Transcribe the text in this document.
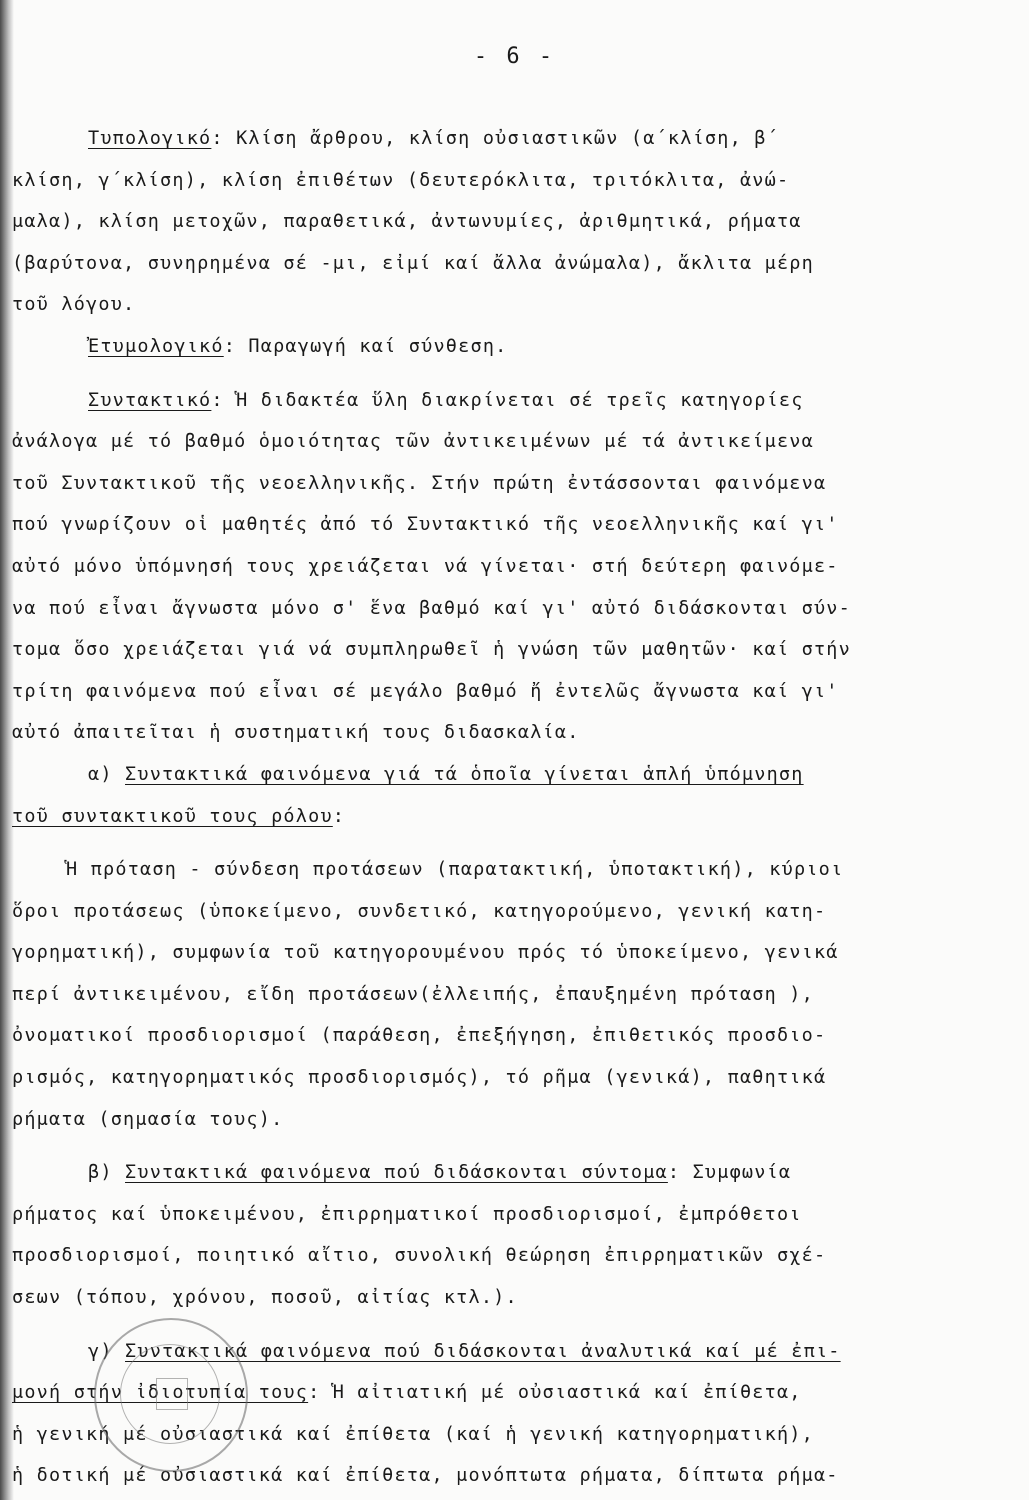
- 6 -
Τυπολογικό: Κλίση ἄρθρου, κλίση οὐσιαστικῶν (α΄κλίση, β΄
κλίση, γ΄κλίση), κλίση ἐπιθέτων (δευτερόκλιτα, τριτόκλιτα, ἀνώ-
μαλα), κλίση μετοχῶν, παραθετικά, ἀντωνυμίες, ἀριθμητικά, ρήματα
(βαρύτονα, συνηρημένα σέ -μι, εἰμί καί ἄλλα ἀνώμαλα), ἄκλιτα μέρη
τοῦ λόγου.
Ἐτυμολογικό: Παραγωγή καί σύνθεση.
Συντακτικό: Ἡ διδακτέα ὕλη διακρίνεται σέ τρεῖς κατηγορίες
ἀνάλογα μέ τό βαθμό ὁμοιότητας τῶν ἀντικειμένων μέ τά ἀντικείμενα
τοῦ Συντακτικοῦ τῆς νεοελληνικῆς. Στήν πρώτη ἐντάσσονται φαινόμενα
πού γνωρίζουν οἱ μαθητές ἀπό τό Συντακτικό τῆς νεοελληνικῆς καί γι'
αὐτό μόνο ὑπόμνησή τους χρειάζεται νά γίνεται· στή δεύτερη φαινόμε-
να πού εἶναι ἄγνωστα μόνο σ' ἕνα βαθμό καί γι' αὐτό διδάσκονται σύν-
τομα ὅσο χρειάζεται γιά νά συμπληρωθεῖ ἡ γνώση τῶν μαθητῶν· καί στήν
τρίτη φαινόμενα πού εἶναι σέ μεγάλο βαθμό ἤ ἐντελῶς ἄγνωστα καί γι'
αὐτό ἀπαιτεῖται ἡ συστηματική τους διδασκαλία.
α) Συντακτικά φαινόμενα γιά τά ὁποῖα γίνεται ἁπλή ὑπόμνηση
τοῦ συντακτικοῦ τους ρόλου:
Ἡ πρόταση - σύνδεση προτάσεων (παρατακτική, ὑποτακτική), κύριοι
ὅροι προτάσεως (ὑποκείμενο, συνδετικό, κατηγορούμενο, γενική κατη-
γορηματική), συμφωνία τοῦ κατηγορουμένου πρός τό ὑποκείμενο, γενικά
περί ἀντικειμένου, εἴδη προτάσεων(ἐλλειπής, ἐπαυξημένη πρόταση ),
ὀνοματικοί προσδιορισμοί (παράθεση, ἐπεξήγηση, ἐπιθετικός προσδιο-
ρισμός, κατηγορηματικός προσδιορισμός), τό ρῆμα (γενικά), παθητικά
ρήματα (σημασία τους).
β) Συντακτικά φαινόμενα πού διδάσκονται σύντομα: Συμφωνία
ρήματος καί ὑποκειμένου, ἐπιρρηματικοί προσδιορισμοί, ἐμπρόθετοι
προσδιορισμοί, ποιητικό αἴτιο, συνολική θεώρηση ἐπιρρηματικῶν σχέ-
σεων (τόπου, χρόνου, ποσοῦ, αἰτίας κτλ.).
γ) Συντακτικά φαινόμενα πού διδάσκονται ἀναλυτικά καί μέ ἐπι-
μονή στήν ἰδιοτυπία τους: Ἡ αἰτιατική μέ οὐσιαστικά καί ἐπίθετα,
ἡ γενική μέ οὐσιαστικά καί ἐπίθετα (καί ἡ γενική κατηγορηματική),
ἡ δοτική μέ οὐσιαστικά καί ἐπίθετα, μονόπτωτα ρήματα, δίπτωτα ρήμα-
